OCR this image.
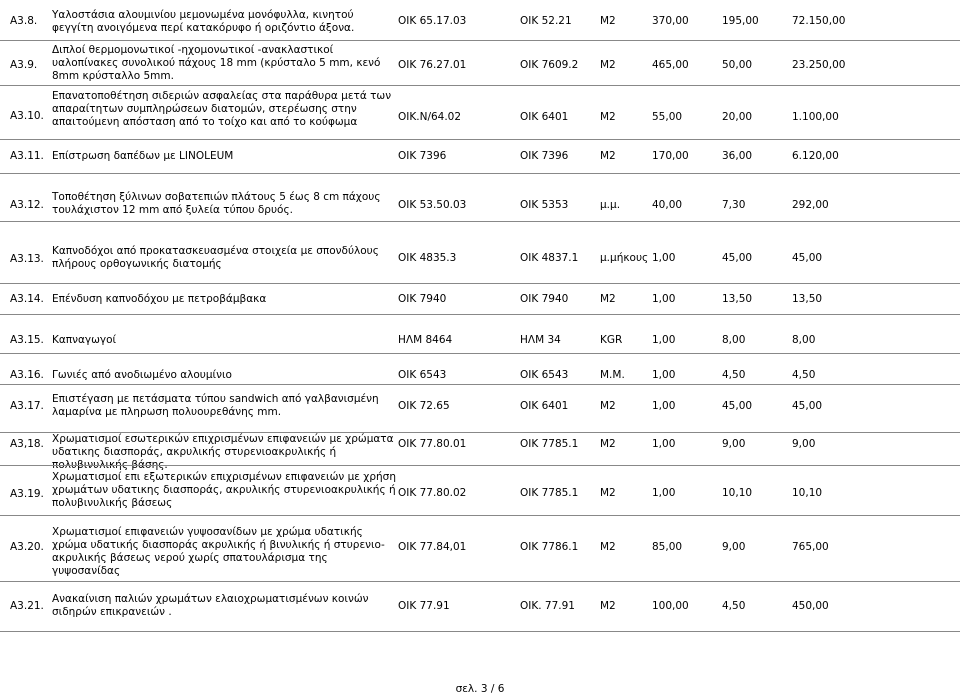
A3.8. Υαλοστάσια αλουμινίου μεμονωμένα μονόφυλλα, κινητού φεγγίτη ανοιγόμενα περί κατακόρυφο ή οριζόντιο άξονα.
ΟΙΚ 65.17.03	ΟΙΚ 52.21	Μ2	370,00	195,00	72.150,00
A3.9.
Διπλοί θερμομονωτικοί -ηχομονωτικοί -ανακλαστικοί υαλοπίνακες συνολικού πάχους 18 mm (κρύσταλο 5 mm, κενό 8mm κρύσταλλο 5mm.
ΟΙΚ 76.27.01	ΟΙΚ 7609.2 Μ2	465,00	50,00	23.250,00
A3.10.
Επανατοποθέτηση σιδεριών ασφαλείας στα παράθυρα μετά των απαραίτητων συμπληρώσεων διατομών, στερέωσης στην απαιτούμενη απόσταση από το τοίχο και από το κούφωμα	ΟΙΚ.Ν/64.02	ΟΙΚ 6401	Μ2	55,00	20,00	1.100,00
A3.11. Επίστρωση δαπέδων με LINOLEUM	ΟΙΚ 7396	ΟΙΚ 7396	Μ2	170,00	36,00	6.120,00
A3.12.
Τοποθέτηση ξύλινων σοβατεπιών πλάτους 5 έως 8 cm πάχους τουλάχιστον 12 mm από ξυλεία τύπου δρυός.	ΟΙΚ 53.50.03	ΟΙΚ 5353	μ.μ.	40,00	7,30	292,00
A3.13.
Καπνοδόχοι από προκατασκευασμένα στοιχεία με σπονδύλους πλήρους ορθογωνικής διατομής	ΟΙΚ 4835.3	ΟΙΚ 4837.1 μ.μήκους 1,00	45,00	45,00
A3.14. Επένδυση καπνοδόχου με πετροβάμβακα	ΟΙΚ 7940	ΟΙΚ 7940	Μ2	1,00	13,50	13,50
A3.15. Καπναγωγοί	ΗΛΜ 8464	ΗΛΜ 34	KGR	1,00	8,00	8,00
A3.16. Γωνιές από ανοδιωμένο αλουμίνιο	ΟΙΚ 6543	ΟΙΚ 6543	Μ.Μ.	1,00	4,50	4,50
A3.17.
Επιστέγαση με πετάσματα τύπου sandwich από γαλβανισμένη λαμαρίνα με πληρωση πολυουρεθάνης mm.	ΟΙΚ 72.65	ΟΙΚ 6401	Μ2	1,00	45,00	45,00
A3,18. Χρωματισμοί εσωτερικών επιχρισμένων επιφανειών με χρώματα υδατικης διασποράς, ακρυλικής στυρενιοακρυλικής ή πολυβινυλικής βάσης.
ΟΙΚ 77.80.01	ΟΙΚ 7785.1 Μ2	1,00	9,00	9,00
A3.19.
Χρωματισμοί επι εξωτερικών επιχρισμένων επιφανειών με χρήση χρωμάτων υδατικης διασποράς, ακρυλικής στυρενιοακρυλικής ή πολυβινυλικής βάσεως
ΟΙΚ 77.80.02	ΟΙΚ 7785.1 Μ2	1,00	10,10	10,10
A3.20.
Χρωματισμοί επιφανειών γυψοσανίδων με χρώμα υδατικής χρώμα υδατικής διασποράς ακρυλικής ή βινυλικής ή στυρενιο-ακρυλικής βάσεως νερού χωρίς σπατουλάρισμα της γυψοσανίδας
ΟΙΚ 77.84,01	ΟΙΚ 7786.1 Μ2	85,00	9,00	765,00
A3.21.
Ανακαίνιση παλιών χρωμάτων ελαιοχρωματισμένων κοινών σιδηρών επικρανειών .	ΟΙΚ 77.91	ΟΙΚ. 77.91 Μ2	100,00	4,50	450,00
σελ. 3 / 6
